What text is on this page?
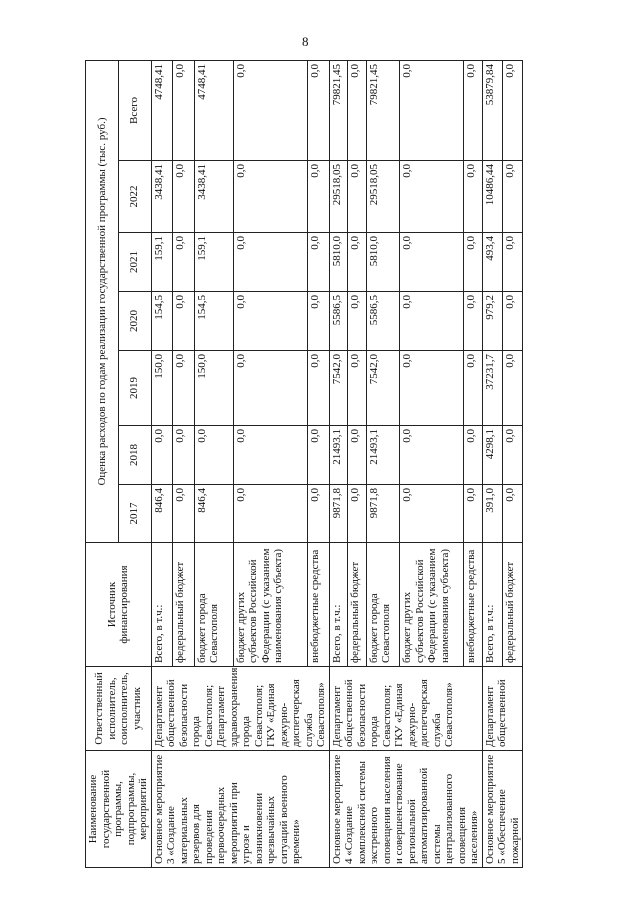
8
Наименование государственной программы, подпрограммы, мероприятий	Ответственный исполнитель, соисполнитель, участник	Источник финансирования	Оценка расходов по годам реализации государственной программы (тыс. руб.)						
			2017	2018	2019	2020	2021	2022	Всего
Основное мероприятие 3 «Создание материальных резервов для проведения первоочередных мероприятий при угрозе и возникновении чрезвычайных ситуаций военного времени»	Департамент общественной безопасности города Севастополя; Департамент здравоохранения города Севастополя; ГКУ «Единая дежурно-диспетчерская служба Севастополя»	Всего, в т.ч.:	846,4	0,0	150,0	154,5	159,1	3438,41	4748,41
		федеральный бюджет	0,0	0,0	0,0	0,0	0,0	0,0	0,0
		бюджет города Севастополя	846,4	0,0	150,0	154,5	159,1	3438,41	4748,41
		бюджет других субъектов Российской Федерации (с указанием наименования субъекта)	0,0	0,0	0,0	0,0	0,0	0,0	0,0
		внебюджетные средства	0,0	0,0	0,0	0,0	0,0	0,0	0,0
Основное мероприятие 4 «Создание комплексной системы экстренного оповещения населения и совершенствование региональной автоматизированной системы централизованного оповещения населения»	Департамент общественной безопасности города Севастополя; ГКУ «Единая дежурно-диспетчерская служба Севастополя»	Всего, в т.ч.:	9871,8	21493,1	7542,0	5586,5	5810,0	29518,05	79821,45
		федеральный бюджет	0,0	0,0	0,0	0,0	0,0	0,0	0,0
		бюджет города Севастополя	9871,8	21493,1	7542,0	5586,5	5810,0	29518,05	79821,45
		бюджет других субъектов Российской Федерации (с указанием наименования субъекта)	0,0	0,0	0,0	0,0	0,0	0,0	0,0
		внебюджетные средства	0,0	0,0	0,0	0,0	0,0	0,0	0,0
Основное мероприятие 5 «Обеспечение пожарной	Департамент общественной	Всего, в т.ч.:	391,0	4298,1	37231,7	979,2	493,4	10486,44	53879,84
		федеральный бюджет	0,0	0,0	0,0	0,0	0,0	0,0	0,0
